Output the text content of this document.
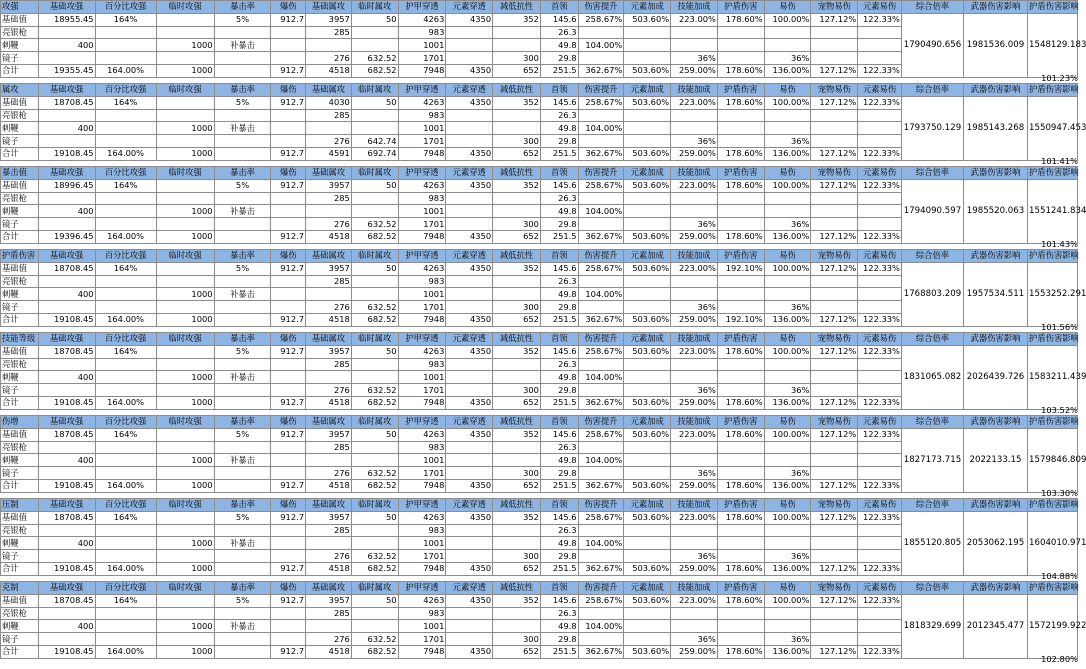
攻强	基础攻强	百分比攻强	临时攻强	暴击率	爆伤	基础属攻	临时属攻	护甲穿透	元素穿透	减低抗性	首领	伤害提升	元素加成	技能加成	护盾伤害	易伤	宠物易伤	元素易伤	综合倍率	武器伤害影响	护盾伤害影响
基础值	18955.45	164%		5%	912.7	3957	50	4263	4350	352	145.6	258.67%	503.60%	223.00%	178.60%	100.00%	127.12%	122.33%	1790490.656	1981536.009	1548129.183
亮银枪						285		983			26.3										
刺鞭	400		1000	补暴击				1001			49.8	104.00%									
镜子						276	632.52	1701		300	29.8			36%		36%					
合计	19355.45	164.00%	1000		912.7	4518	682.52	7948	4350	652	251.5	362.67%	503.60%	259.00%	178.60%	136.00%	127.12%	122.33%			
101.23%
属攻	基础攻强	百分比攻强	临时攻强	暴击率	爆伤	基础属攻	临时属攻	护甲穿透	元素穿透	减低抗性	首领	伤害提升	元素加成	技能加成	护盾伤害	易伤	宠物易伤	元素易伤	综合倍率	武器伤害影响	护盾伤害影响
基础值	18708.45	164%		5%	912.7	4030	50	4263	4350	352	145.6	258.67%	503.60%	223.00%	178.60%	100.00%	127.12%	122.33%	1793750.129	1985143.268	1550947.453
亮银枪						285		983			26.3										
刺鞭	400		1000	补暴击				1001			49.8	104.00%									
镜子						276	642.74	1701		300	29.8			36%		36%					
合计	19108.45	164.00%	1000		912.7	4591	692.74	7948	4350	652	251.5	362.67%	503.60%	259.00%	178.60%	136.00%	127.12%	122.33%			
101.41%
暴击值	基础攻强	百分比攻强	临时攻强	暴击率	爆伤	基础属攻	临时属攻	护甲穿透	元素穿透	减低抗性	首领	伤害提升	元素加成	技能加成	护盾伤害	易伤	宠物易伤	元素易伤	综合倍率	武器伤害影响	护盾伤害影响
基础值	18996.45	164%		5%	912.7	3957	50	4263	4350	352	145.6	258.67%	503.60%	223.00%	178.60%	100.00%	127.12%	122.33%	1794090.597	1985520.063	1551241.834
亮银枪						285		983			26.3										
刺鞭	400		1000	补暴击				1001			49.8	104.00%									
镜子						276	632.52	1701		300	29.8			36%		36%					
合计	19396.45	164.00%	1000		912.7	4518	682.52	7948	4350	652	251.5	362.67%	503.60%	259.00%	178.60%	136.00%	127.12%	122.33%			
101.43%
护盾伤害	基础攻强	百分比攻强	临时攻强	暴击率	爆伤	基础属攻	临时属攻	护甲穿透	元素穿透	减低抗性	首领	伤害提升	元素加成	技能加成	护盾伤害	易伤	宠物易伤	元素易伤	综合倍率	武器伤害影响	护盾伤害影响
基础值	18708.45	164%		5%	912.7	3957	50	4263	4350	352	145.6	258.67%	503.60%	223.00%	192.10%	100.00%	127.12%	122.33%	1768803.209	1957534.511	1553252.291
亮银枪						285		983			26.3										
刺鞭	400		1000	补暴击				1001			49.8	104.00%									
镜子						276	632.52	1701		300	29.8			36%		36%					
合计	19108.45	164.00%	1000		912.7	4518	682.52	7948	4350	652	251.5	362.67%	503.60%	259.00%	192.10%	136.00%	127.12%	122.33%			
101.56%
技能等级	基础攻强	百分比攻强	临时攻强	暴击率	爆伤	基础属攻	临时属攻	护甲穿透	元素穿透	减低抗性	首领	伤害提升	元素加成	技能加成	护盾伤害	易伤	宠物易伤	元素易伤	综合倍率	武器伤害影响	护盾伤害影响
基础值	18708.45	164%		5%	912.7	3957	50	4263	4350	352	145.6	258.67%	503.60%	223.00%	178.60%	100.00%	127.12%	122.33%	1831065.082	2026439.726	1583211.439
亮银枪						285		983			26.3										
刺鞭	400		1000	补暴击				1001			49.8	104.00%									
镜子						276	632.52	1701		300	29.8			36%		36%					
合计	19108.45	164.00%	1000		912.7	4518	682.52	7948	4350	652	251.5	362.67%	503.60%	259.00%	178.60%	136.00%	127.12%	122.33%			
103.52%
伤增	基础攻强	百分比攻强	临时攻强	暴击率	爆伤	基础属攻	临时属攻	护甲穿透	元素穿透	减低抗性	首领	伤害提升	元素加成	技能加成	护盾伤害	易伤	宠物易伤	元素易伤	综合倍率	武器伤害影响	护盾伤害影响
基础值	18708.45	164%		5%	912.7	3957	50	4263	4350	352	145.6	258.67%	503.60%	223.00%	178.60%	100.00%	127.12%	122.33%	1827173.715	2022133.15	1579846.809
亮银枪						285		983			26.3										
刺鞭	400		1000	补暴击				1001			49.8	104.00%									
镜子						276	632.52	1701		300	29.8			36%		36%					
合计	19108.45	164.00%	1000		912.7	4518	682.52	7948	4350	652	251.5	362.67%	503.60%	259.00%	178.60%	136.00%	127.12%	122.33%			
103.30%
压制	基础攻强	百分比攻强	临时攻强	暴击率	爆伤	基础属攻	临时属攻	护甲穿透	元素穿透	减低抗性	首领	伤害提升	元素加成	技能加成	护盾伤害	易伤	宠物易伤	元素易伤	综合倍率	武器伤害影响	护盾伤害影响
基础值	18708.45	164%		5%	912.7	3957	50	4263	4350	352	145.6	258.67%	503.60%	223.00%	178.60%	100.00%	127.12%	122.33%	1855120.805	2053062.195	1604010.971
亮银枪						285		983			26.3										
刺鞭	400		1000	补暴击				1001			49.8	104.00%									
镜子						276	632.52	1701		300	29.8			36%		36%					
合计	19108.45	164.00%	1000		912.7	4518	682.52	7948	4350	652	251.5	362.67%	503.60%	259.00%	178.60%	136.00%	127.12%	122.33%			
104.88%
克制	基础攻强	百分比攻强	临时攻强	暴击率	爆伤	基础属攻	临时属攻	护甲穿透	元素穿透	减低抗性	首领	伤害提升	元素加成	技能加成	护盾伤害	易伤	宠物易伤	元素易伤	综合倍率	武器伤害影响	护盾伤害影响
基础值	18708.45	164%		5%	912.7	3957	50	4263	4350	352	145.6	258.67%	503.60%	223.00%	178.60%	100.00%	127.12%	122.33%	1818329.699	2012345.477	1572199.922
亮银枪						285		983			26.3										
刺鞭	400		1000	补暴击				1001			49.8	104.00%									
镜子						276	632.52	1701		300	29.8			36%		36%					
合计	19108.45	164.00%	1000		912.7	4518	682.52	7948	4350	652	251.5	362.67%	503.60%	259.00%	178.60%	136.00%	127.12%	122.33%			
102.80%
